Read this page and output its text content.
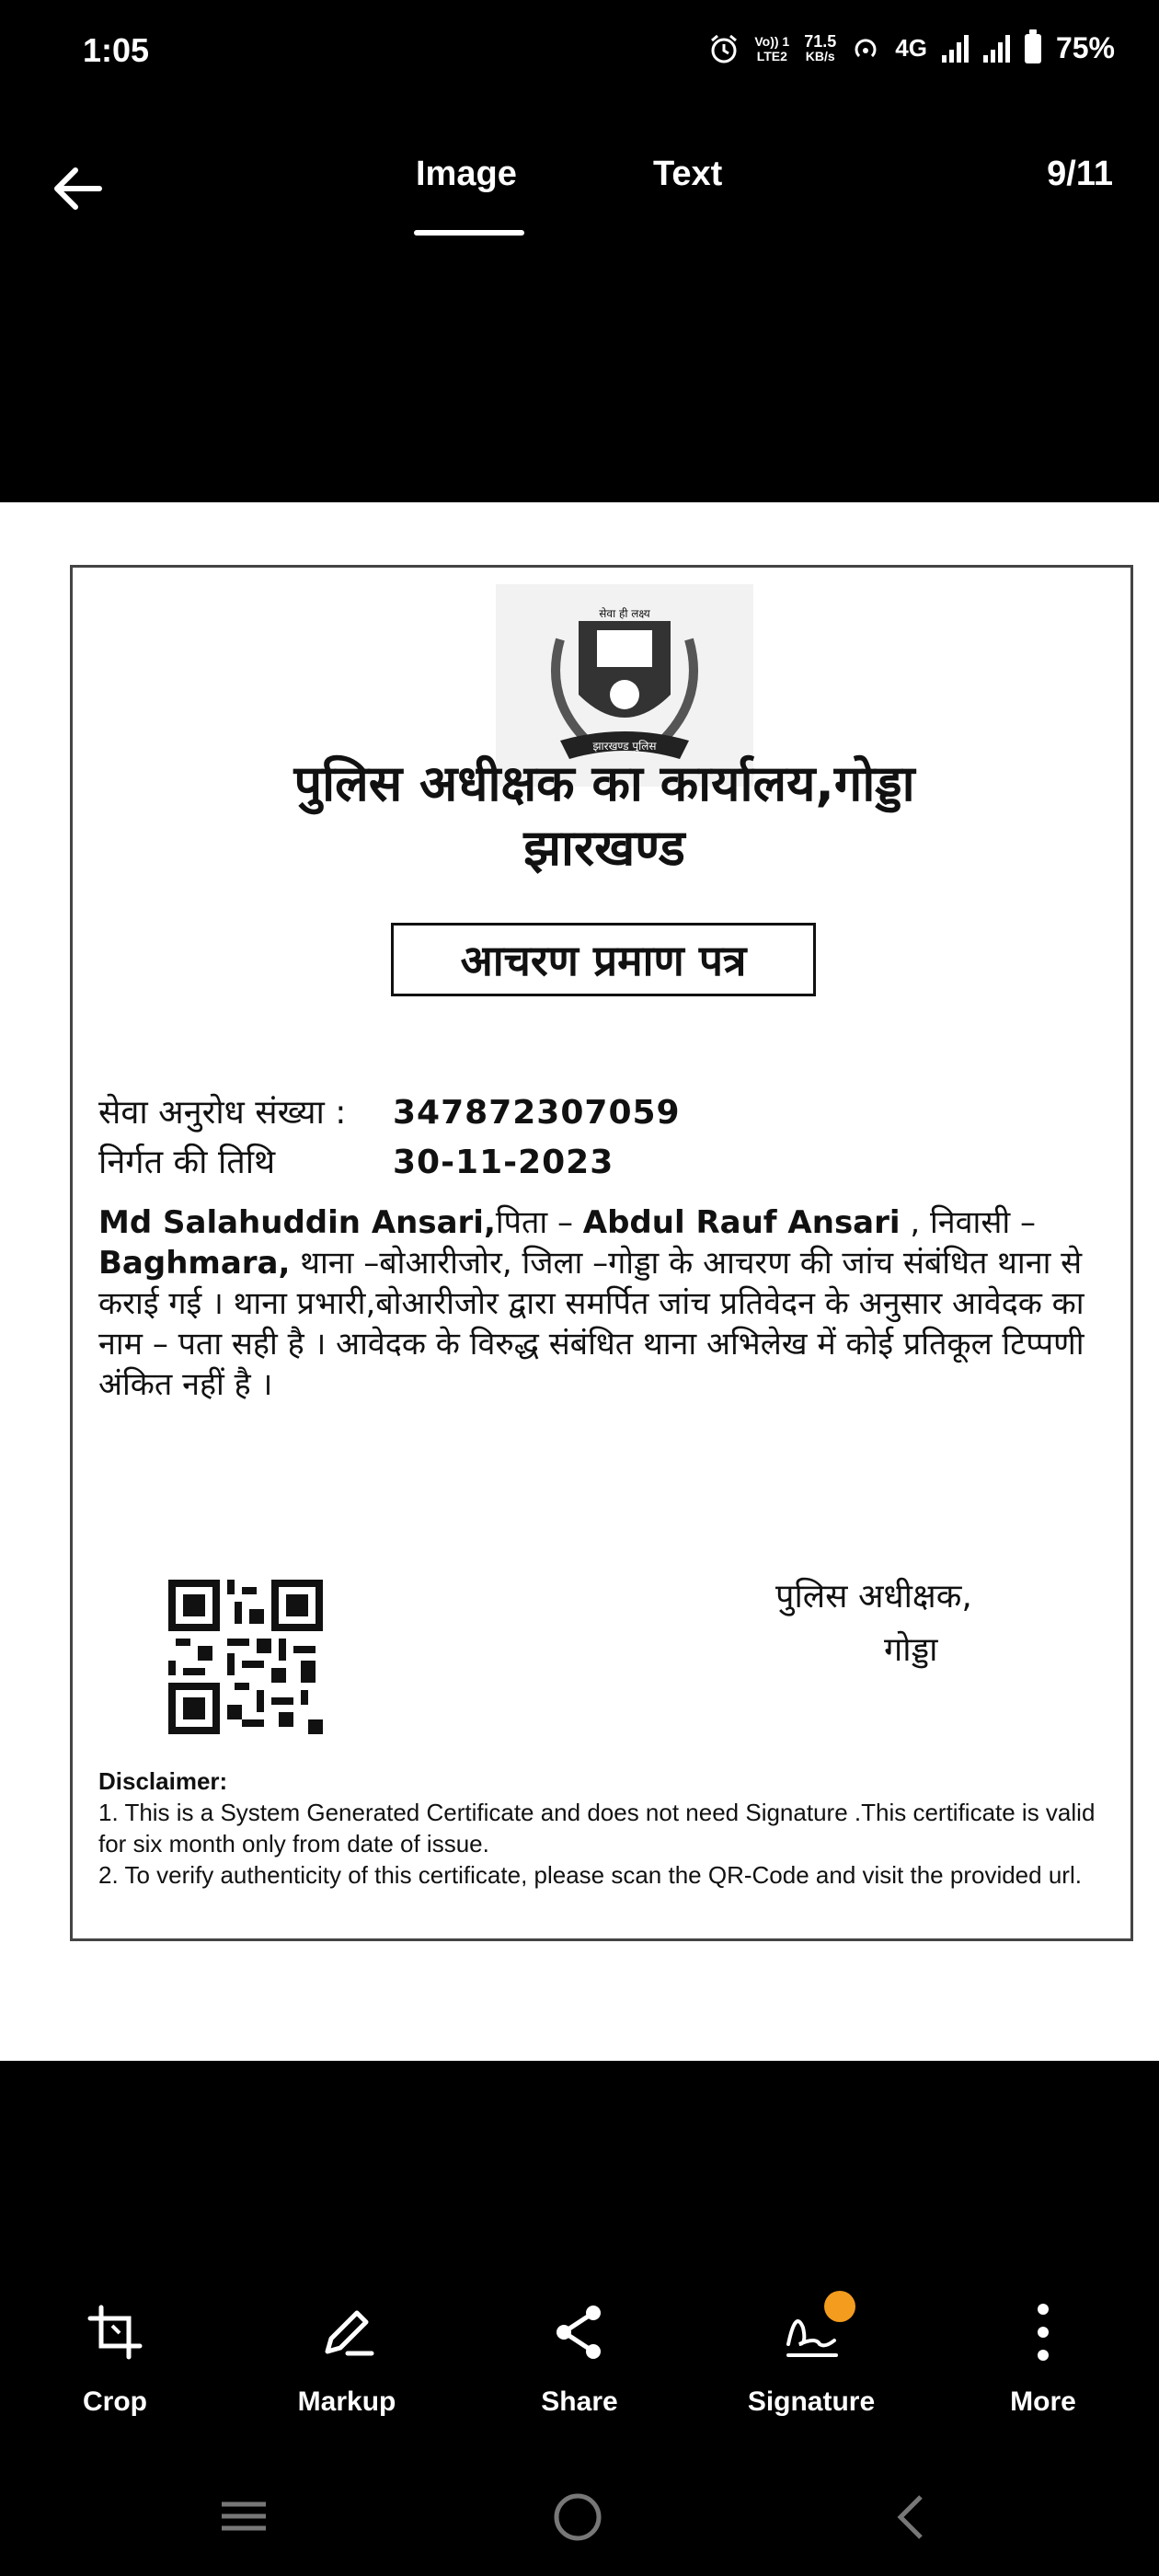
1:05	Vo)) 1
LTE2
71.5
KB/s	4G	75%
Image	Text	9/11
सेवा ही लक्ष्य
झारखण्ड पुलिस
पुलिस अधीक्षक का कार्यालय,गोड्डा
झारखण्ड
आचरण प्रमाण पत्र
सेवा अनुरोध संख्या : 347872307059
निर्गत की तिथि	30-11-2023
Md Salahuddin Ansari,पिता – Abdul Rauf Ansari , निवासी – Baghmara, थाना –बोआरीजोर, जिला –गोड्डा के आचरण की जांच संबंधित थाना से कराई गई । थाना प्रभारी,बोआरीजोर द्वारा समर्पित जांच प्रतिवेदन के अनुसार आवेदक का नाम – पता सही है । आवेदक के विरुद्ध संबंधित थाना अभिलेख में कोई प्रतिकूल टिप्पणी अंकित नहीं है ।
पुलिस अधीक्षक,
गोड्डा
Disclaimer:
1. This is a System Generated Certificate and does not need Signature .This certificate is valid for six month only from date of issue.
2. To verify authenticity of this certificate, please scan the QR-Code and visit the provided url.
Crop	Markup	Share	Signature	More
